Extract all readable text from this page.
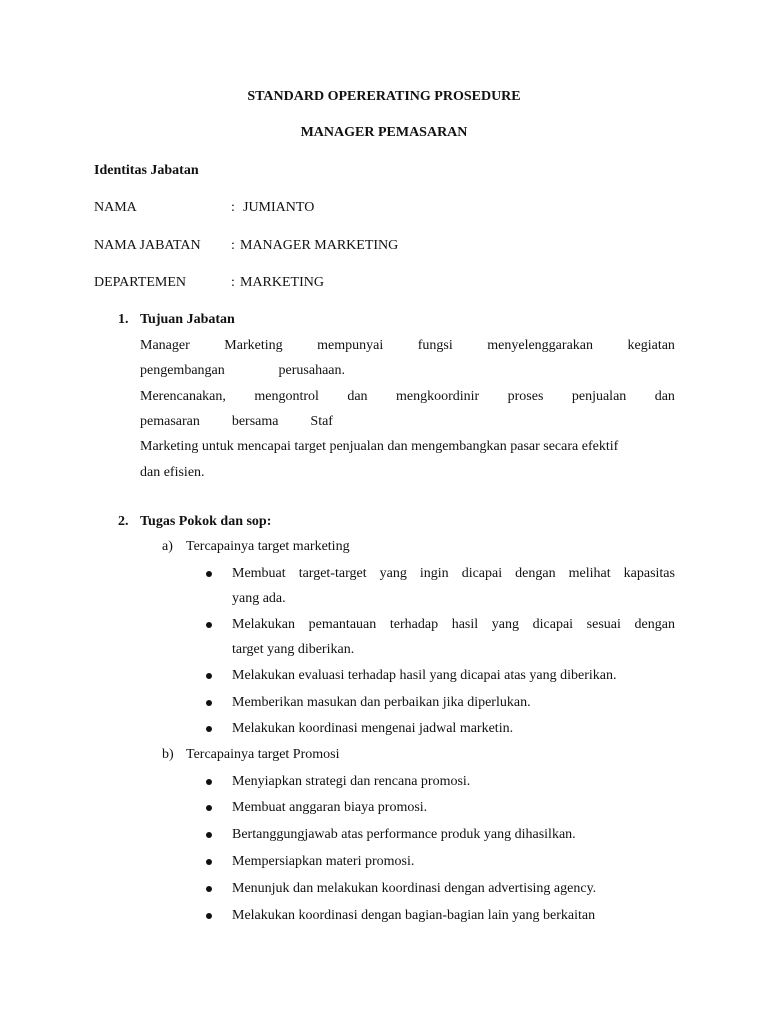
STANDARD OPERERATING PROSEDURE
MANAGER PEMASARAN
Identitas Jabatan
NAMA	: JUMIANTO
NAMA JABATAN : MANAGER MARKETING
DEPARTEMEN	: MARKETING
1. Tujuan Jabatan
Manager Marketing mempunyai fungsi menyelenggarakan kegiatan
pengembangan	perusahaan.
Merencanakan, mengontrol dan mengkoordinir proses penjualan dan
pemasaran bersama Staf
Marketing untuk mencapai target penjualan dan mengembangkan pasar secara efektif
dan efisien.
2. Tugas Pokok dan sop:
a) Tercapainya target marketing
Membuat target-target yang ingin dicapai dengan melihat kapasitas
yang ada.
Melakukan pemantauan terhadap hasil yang dicapai sesuai dengan
target yang diberikan.
Melakukan evaluasi terhadap hasil yang dicapai atas yang diberikan.
Memberikan masukan dan perbaikan jika diperlukan.
Melakukan koordinasi mengenai jadwal marketin.
b) Tercapainya target Promosi
Menyiapkan strategi dan rencana promosi.
Membuat anggaran biaya promosi.
Bertanggungjawab atas performance produk yang dihasilkan.
Mempersiapkan materi promosi.
Menunjuk dan melakukan koordinasi dengan advertising agency.
Melakukan koordinasi dengan bagian-bagian lain yang berkaitan
